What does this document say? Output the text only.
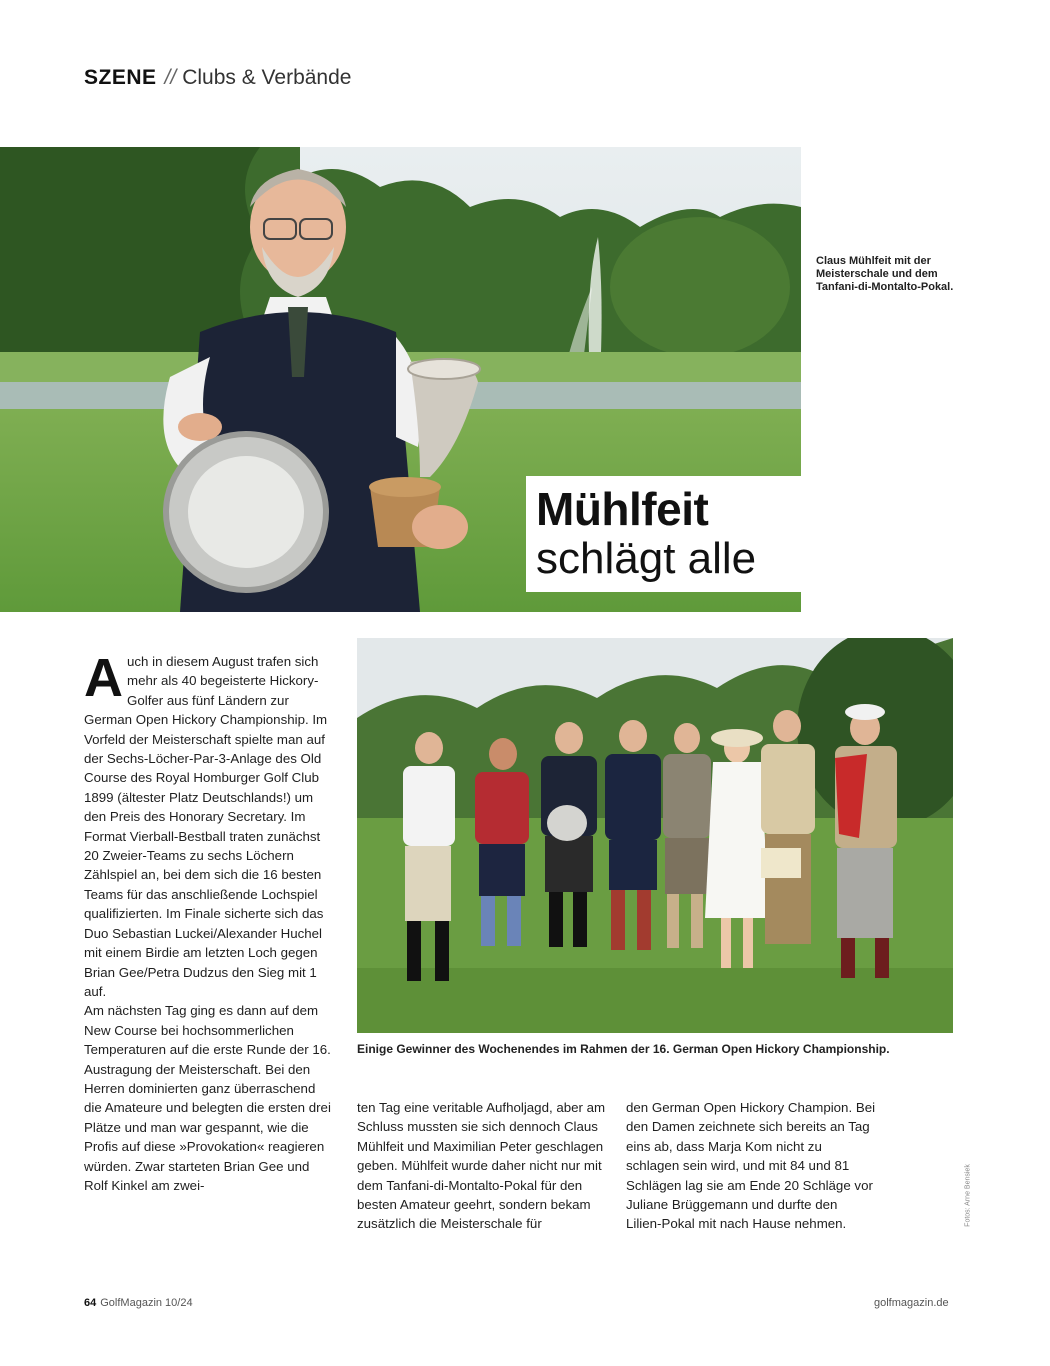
SZENE // Clubs & Verbände
Claus Mühlfeit mit der Meisterschale und dem Tanfani-di-Montalto-Pokal.
Mühlfeit
schlägt alle

Auch in diesem August trafen sich mehr als 40 begeisterte Hickory-Golfer aus fünf Ländern zur German Open Hickory Championship. Im Vorfeld der Meisterschaft spielte man auf der Sechs-Löcher-Par-3-Anlage des Old Course des Royal Homburger Golf Club 1899 (ältester Platz Deutschlands!) um den Preis des Honorary Secretary. Im Format Vierball-Bestball traten zunächst 20 Zweier-Teams zu sechs Löchern Zählspiel an, bei dem sich die 16 besten Teams für das anschließende Lochspiel qualifizierten. Im Finale sicherte sich das Duo Sebastian Luckei/Alexander Huchel mit einem Birdie am letzten Loch gegen Brian Gee/Petra Dudzus den Sieg mit 1 auf.

Am nächsten Tag ging es dann auf dem New Course bei hochsommerlichen Temperaturen auf die erste Runde der 16. Austragung der Meisterschaft. Bei den Herren dominierten ganz überraschend die Amateure und belegten die ersten drei Plätze und man war gespannt, wie die Profis auf diese »Provokation« reagieren würden. Zwar starteten Brian Gee und Rolf Kinkel am zwei-

Einige Gewinner des Wochenendes im Rahmen der 16. German Open Hickory Championship.

ten Tag eine veritable Aufholjagd, aber am Schluss mussten sie sich dennoch Claus Mühlfeit und Maximilian Peter geschlagen geben. Mühlfeit wurde daher nicht nur mit dem Tanfani-di-Montalto-Pokal für den besten Amateur geehrt, sondern bekam zusätzlich die Meisterschale für

den German Open Hickory Champion. Bei den Damen zeichnete sich bereits an Tag eins ab, dass Marja Kom nicht zu schlagen sein wird, und mit 84 und 81 Schlägen lag sie am Ende 20 Schläge vor Juliane Brüggemann und durfte den Lilien-Pokal mit nach Hause nehmen.	Fotos: Arne Bensiek
64 GolfMagazin 10/24	golfmagazin.de
